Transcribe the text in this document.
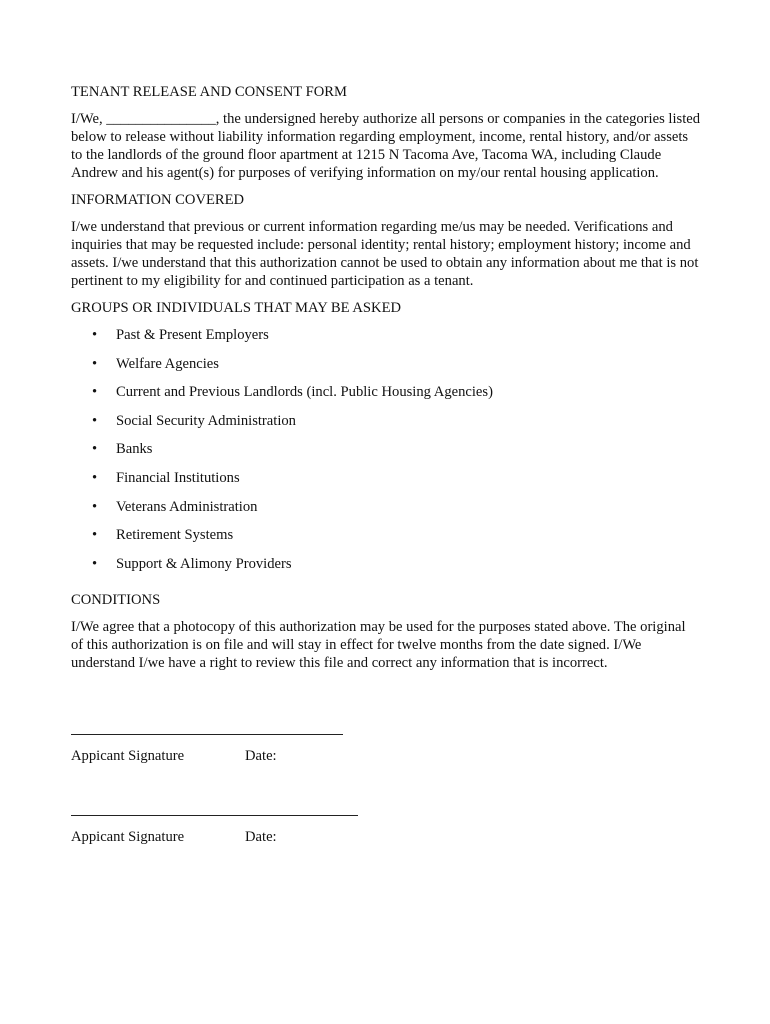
TENANT RELEASE AND CONSENT FORM

I/We, _______________, the undersigned hereby authorize all persons or companies in the categories listed below to release without liability information regarding employment, income, rental history, and/or assets to the landlords of the ground floor apartment at 1215 N Tacoma Ave, Tacoma WA, including Claude Andrew and his agent(s) for purposes of verifying information on my/our rental housing application.

INFORMATION COVERED

I/we understand that previous or current information regarding me/us may be needed. Verifications and inquiries that may be requested include: personal identity; rental history; employment history; income and assets. I/we understand that this authorization cannot be used to obtain any information about me that is not pertinent to my eligibility for and continued participation as a tenant.

GROUPS OR INDIVIDUALS THAT MAY BE ASKED

• Past & Present Employers
• Welfare Agencies
• Current and Previous Landlords (incl. Public Housing Agencies)
• Social Security Administration
• Banks
• Financial Institutions
• Veterans Administration
• Retirement Systems
• Support & Alimony Providers

CONDITIONS

I/We agree that a photocopy of this authorization may be used for the purposes stated above. The original of this authorization is on file and will stay in effect for twelve months from the date signed. I/We understand I/we have a right to review this file and correct any information that is incorrect.

Appicant Signature	Date:
Appicant Signature	Date:
